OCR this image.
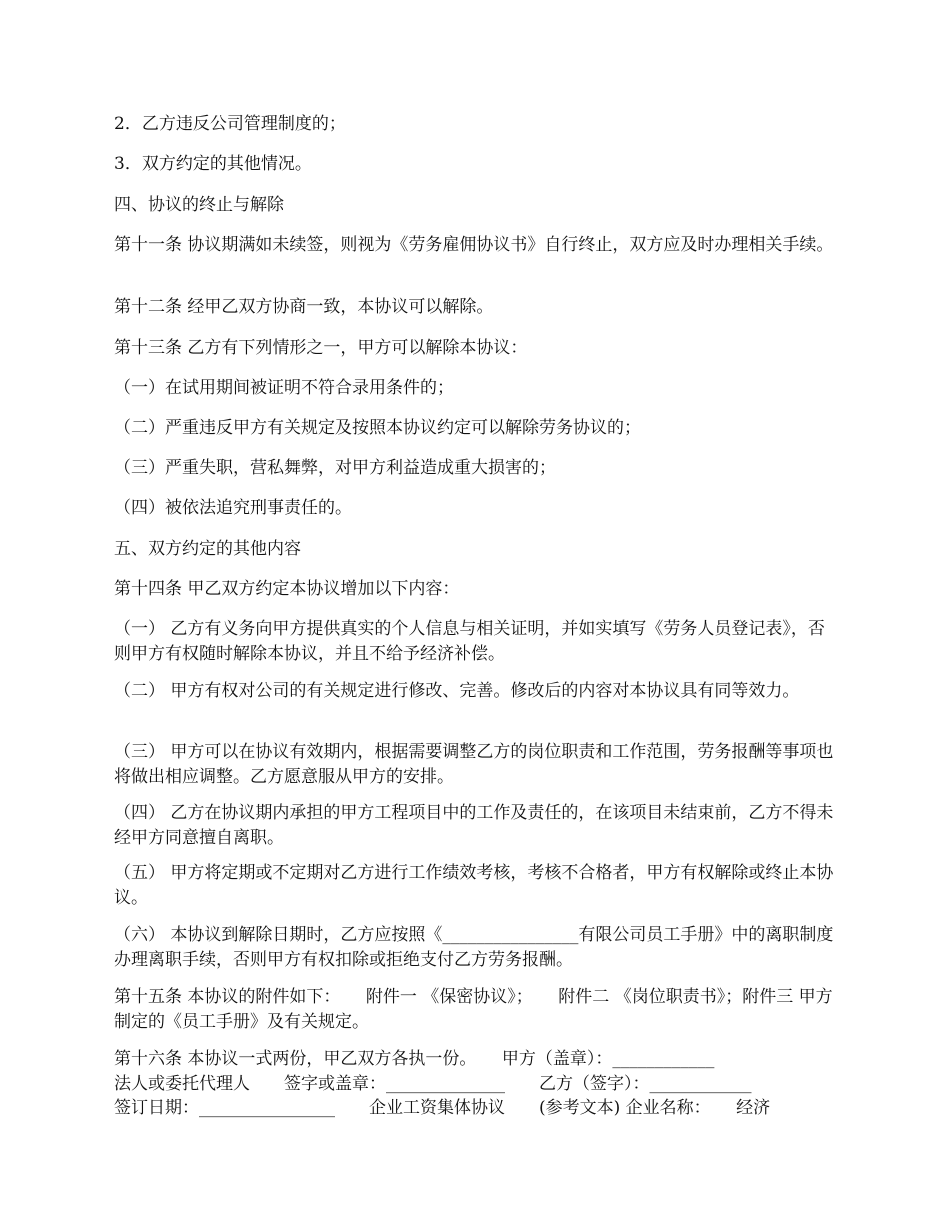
2．乙方违反公司管理制度的；

3．双方约定的其他情况。

四、协议的终止与解除

第十一条 协议期满如未续签，则视为《劳务雇佣协议书》自行终止，双方应及时办理相关手续。

第十二条 经甲乙双方协商一致，本协议可以解除。

第十三条 乙方有下列情形之一，甲方可以解除本协议：

（一）在试用期间被证明不符合录用条件的；

（二）严重违反甲方有关规定及按照本协议约定可以解除劳务协议的；

（三）严重失职，营私舞弊，对甲方利益造成重大损害的；

（四）被依法追究刑事责任的。

五、双方约定的其他内容

第十四条 甲乙双方约定本协议增加以下内容：

（一） 乙方有义务向甲方提供真实的个人信息与相关证明，并如实填写《劳务人员登记表》，否则甲方有权随时解除本协议，并且不给予经济补偿。

（二） 甲方有权对公司的有关规定进行修改、完善。修改后的内容对本协议具有同等效力。

（三） 甲方可以在协议有效期内，根据需要调整乙方的岗位职责和工作范围，劳务报酬等事项也将做出相应调整。乙方愿意服从甲方的安排。

（四） 乙方在协议期内承担的甲方工程项目中的工作及责任的，在该项目未结束前，乙方不得未经甲方同意擅自离职。

（五） 甲方将定期或不定期对乙方进行工作绩效考核，考核不合格者，甲方有权解除或终止本协议。

（六） 本协议到解除日期时，乙方应按照《________________有限公司员工手册》中的离职制度办理离职手续，否则甲方有权扣除或拒绝支付乙方劳务报酬。

第十五条 本协议的附件如下：　　附件一 《保密协议》；　　附件二 《岗位职责书》；附件三 甲方制定的《员工手册》及有关规定。

第十六条 本协议一式两份，甲乙双方各执一份。　　甲方（盖章）：____________
法人或委托代理人　　签字或盖章：______________　　乙方（签字）：____________
签订日期：________________　　企业工资集体协议　　(参考文本) 企业名称：　　经济
